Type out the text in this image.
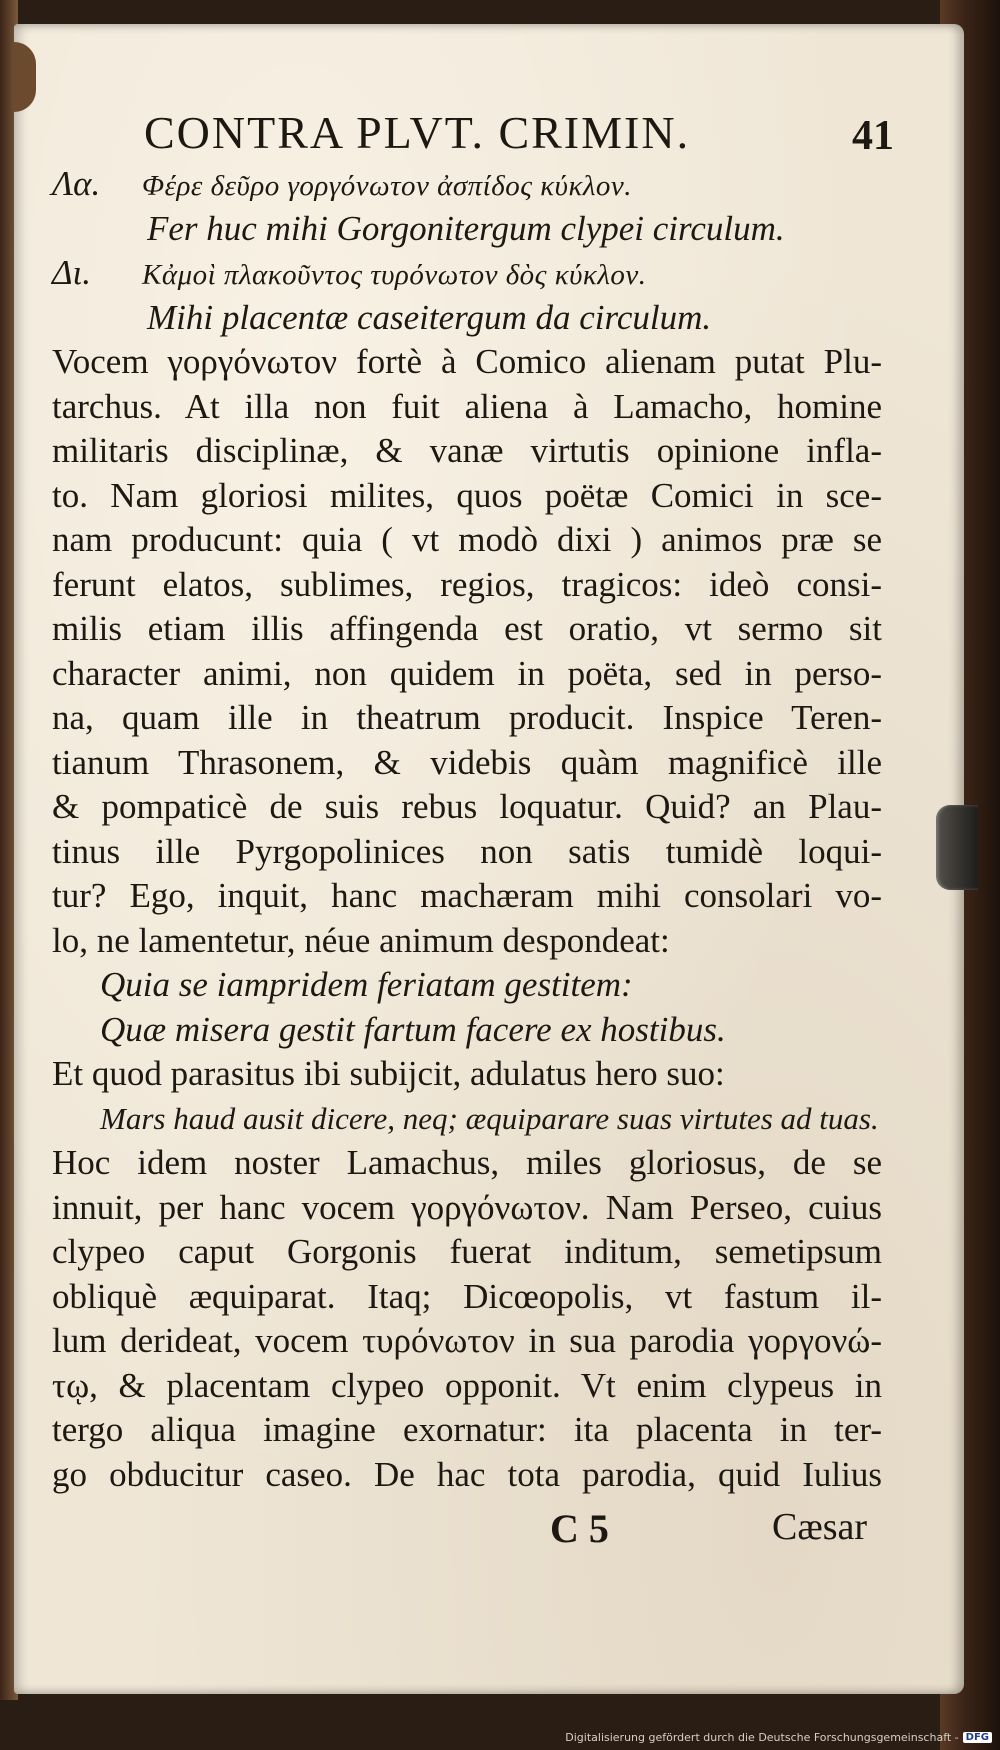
CONTRA PLVT. CRIMIN.	41
Λα. Φέρε δεῦρο γοργόνωτον ἀσπίδος κύκλον.
Fer huc mihi Gorgonitergum clypei circulum.
Δι. Κἀμοὶ πλακοῦντος τυρόνωτον δὸς κύκλον.
Mihi placentæ caseitergum da circulum.
Vocem γοργόνωτον fortè à Comico alienam putat Plu-
tarchus. At illa non fuit aliena à Lamacho, homine
militaris disciplinæ, & vanæ virtutis opinione infla-
to. Nam gloriosi milites, quos poëtæ Comici in sce-
nam producunt: quia ( vt modò dixi ) animos præ se
ferunt elatos, sublimes, regios, tragicos: ideò consi-
milis etiam illis affingenda est oratio, vt sermo sit
character animi, non quidem in poëta, sed in perso-
na, quam ille in theatrum producit. Inspice Teren-
tianum Thrasonem, & videbis quàm magnificè ille
& pompaticè de suis rebus loquatur. Quid? an Plau-
tinus ille Pyrgopolinices non satis tumidè loqui-
tur? Ego, inquit, hanc machæram mihi consolari vo-
lo, ne lamentetur, néue animum despondeat:
Quia se iampridem feriatam gestitem:
Quæ misera gestit fartum facere ex hostibus.
Et quod parasitus ibi subijcit, adulatus hero suo:
Mars haud ausit dicere, neq; æquiparare suas virtutes ad tuas.
Hoc idem noster Lamachus, miles gloriosus, de se
innuit, per hanc vocem γοργόνωτον. Nam Perseo, cuius
clypeo caput Gorgonis fuerat inditum, semetipsum
obliquè æquiparat. Itaq; Dicœopolis, vt fastum il-
lum derideat, vocem τυρόνωτον in sua parodia γοργονώ-
τῳ, & placentam clypeo opponit. Vt enim clypeus in
tergo aliqua imagine exornatur: ita placenta in ter-
go obducitur caseo. De hac tota parodia, quid Iulius
C 5	Cæsar
Digitalisierung gefördert durch die Deutsche Forschungsgemeinschaft - DFG
